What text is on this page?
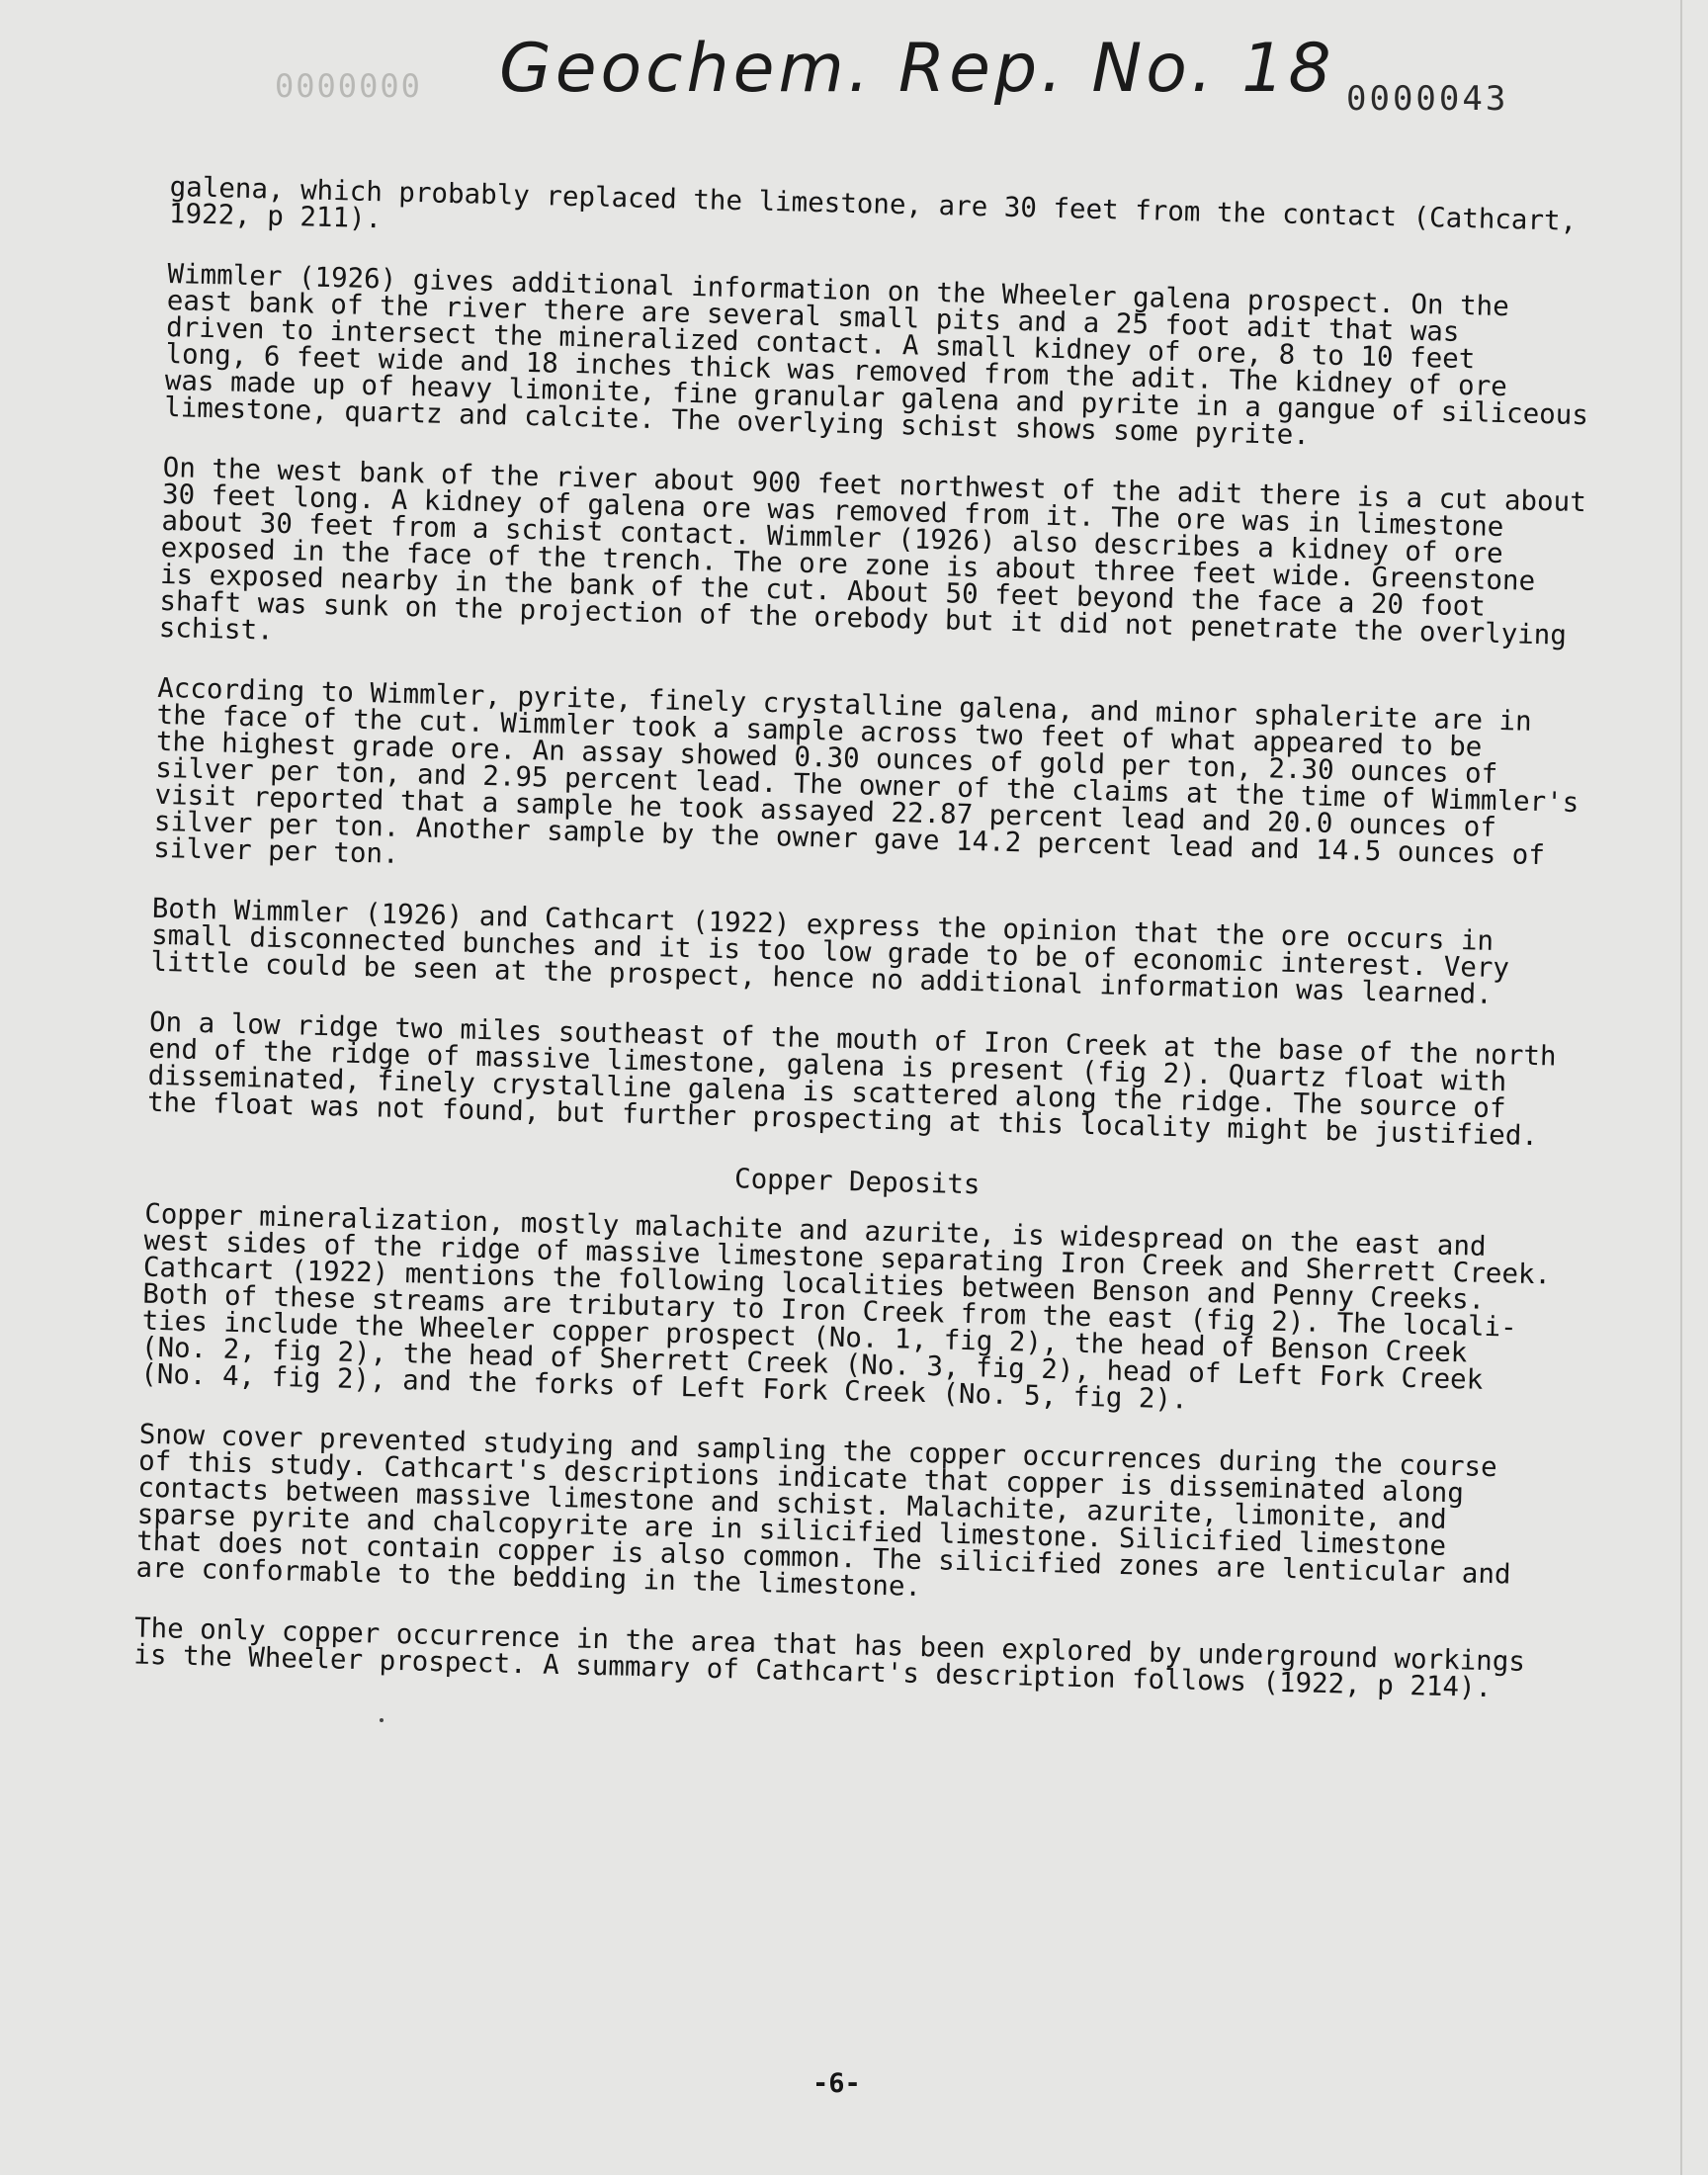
0000000 Geochem. Rep. No. 18 0000043

galena, which probably replaced the limestone, are 30 feet from the contact (Cathcart,
1922, p 211).

Wimmler (1926) gives additional information on the Wheeler galena prospect. On the
east bank of the river there are several small pits and a 25 foot adit that was
driven to intersect the mineralized contact. A small kidney of ore, 8 to 10 feet
long, 6 feet wide and 18 inches thick was removed from the adit. The kidney of ore
was made up of heavy limonite, fine granular galena and pyrite in a gangue of siliceous
limestone, quartz and calcite. The overlying schist shows some pyrite.

On the west bank of the river about 900 feet northwest of the adit there is a cut about
30 feet long. A kidney of galena ore was removed from it. The ore was in limestone
about 30 feet from a schist contact. Wimmler (1926) also describes a kidney of ore
exposed in the face of the trench. The ore zone is about three feet wide. Greenstone
is exposed nearby in the bank of the cut. About 50 feet beyond the face a 20 foot
shaft was sunk on the projection of the orebody but it did not penetrate the overlying
schist.

According to Wimmler, pyrite, finely crystalline galena, and minor sphalerite are in
the face of the cut. Wimmler took a sample across two feet of what appeared to be
the highest grade ore. An assay showed 0.30 ounces of gold per ton, 2.30 ounces of
silver per ton, and 2.95 percent lead. The owner of the claims at the time of Wimmler's
visit reported that a sample he took assayed 22.87 percent lead and 20.0 ounces of
silver per ton. Another sample by the owner gave 14.2 percent lead and 14.5 ounces of
silver per ton.

Both Wimmler (1926) and Cathcart (1922) express the opinion that the ore occurs in
small disconnected bunches and it is too low grade to be of economic interest. Very
little could be seen at the prospect, hence no additional information was learned.

On a low ridge two miles southeast of the mouth of Iron Creek at the base of the north
end of the ridge of massive limestone, galena is present (fig 2). Quartz float with
disseminated, finely crystalline galena is scattered along the ridge. The source of
the float was not found, but further prospecting at this locality might be justified.

Copper Deposits

Copper mineralization, mostly malachite and azurite, is widespread on the east and
west sides of the ridge of massive limestone separating Iron Creek and Sherrett Creek.
Cathcart (1922) mentions the following localities between Benson and Penny Creeks.
Both of these streams are tributary to Iron Creek from the east (fig 2). The locali-
ties include the Wheeler copper prospect (No. 1, fig 2), the head of Benson Creek
(No. 2, fig 2), the head of Sherrett Creek (No. 3, fig 2), head of Left Fork Creek
(No. 4, fig 2), and the forks of Left Fork Creek (No. 5, fig 2).

Snow cover prevented studying and sampling the copper occurrences during the course
of this study. Cathcart's descriptions indicate that copper is disseminated along
contacts between massive limestone and schist. Malachite, azurite, limonite, and
sparse pyrite and chalcopyrite are in silicified limestone. Silicified limestone
that does not contain copper is also common. The silicified zones are lenticular and
are conformable to the bedding in the limestone.

The only copper occurrence in the area that has been explored by underground workings
is the Wheeler prospect. A summary of Cathcart's description follows (1922, p 214).

-6-
